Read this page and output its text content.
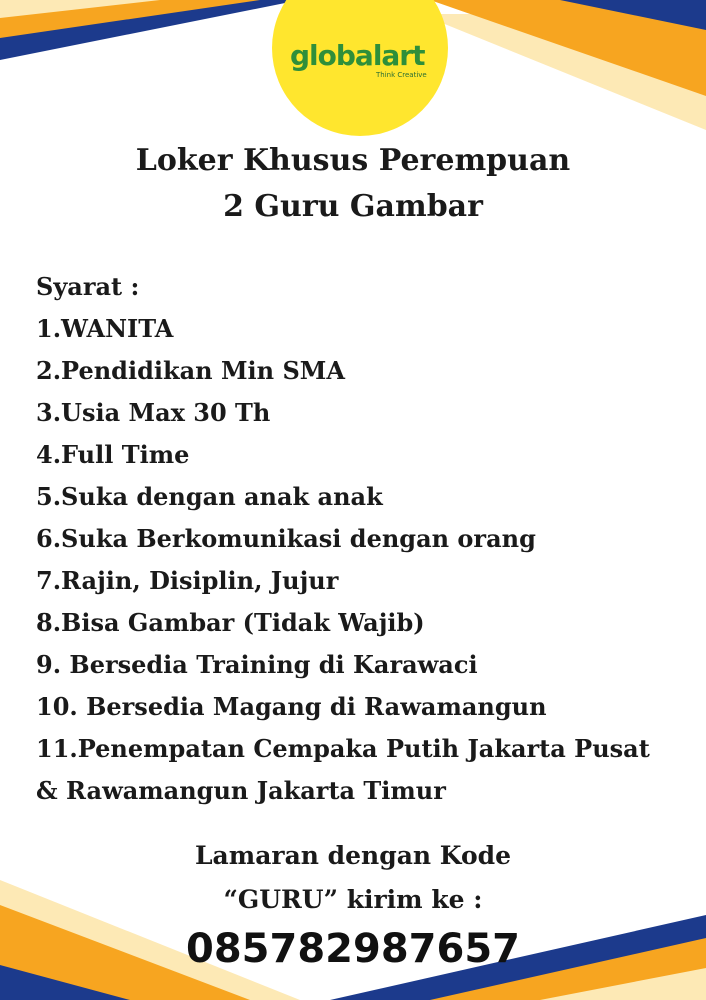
globalart
Think Creative
Loker Khusus Perempuan
2 Guru Gambar
Syarat :
1.WANITA
2.Pendidikan Min SMA
3.Usia Max 30 Th
4.Full Time
5.Suka dengan anak anak
6.Suka Berkomunikasi dengan orang
7.Rajin, Disiplin, Jujur
8.Bisa Gambar (Tidak Wajib)
9. Bersedia Training di Karawaci
10. Bersedia Magang di Rawamangun
11.Penempatan Cempaka Putih Jakarta Pusat
& Rawamangun Jakarta Timur
Lamaran dengan Kode
“GURU” kirim ke :
085782987657
